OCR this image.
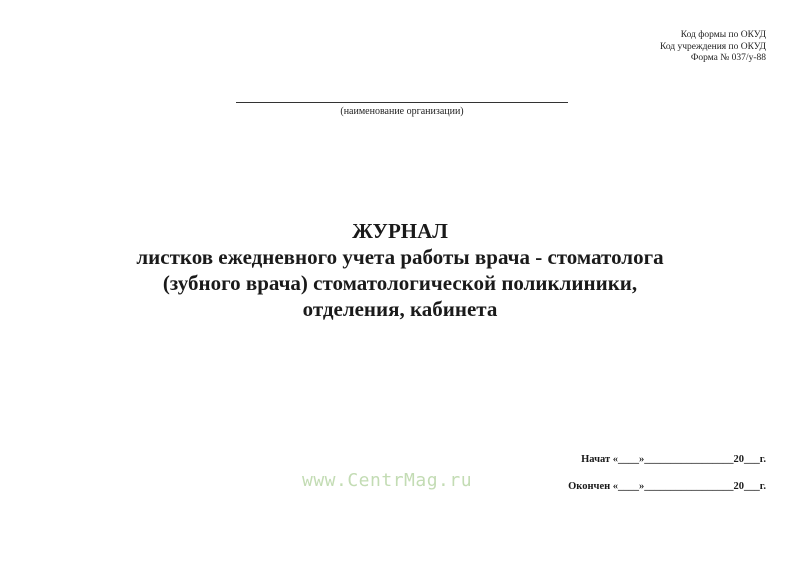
Код формы по ОКУД
Код учреждения по ОКУД
Форма № 037/у-88
(наименование организации)
ЖУРНАЛ
листков ежедневного учета работы врача - стоматолога
(зубного врача) стоматологической поликлиники,
отделения, кабинета
www.CentrMag.ru
Начат «____»_________________20___г.
Окончен «____»_________________20___г.
